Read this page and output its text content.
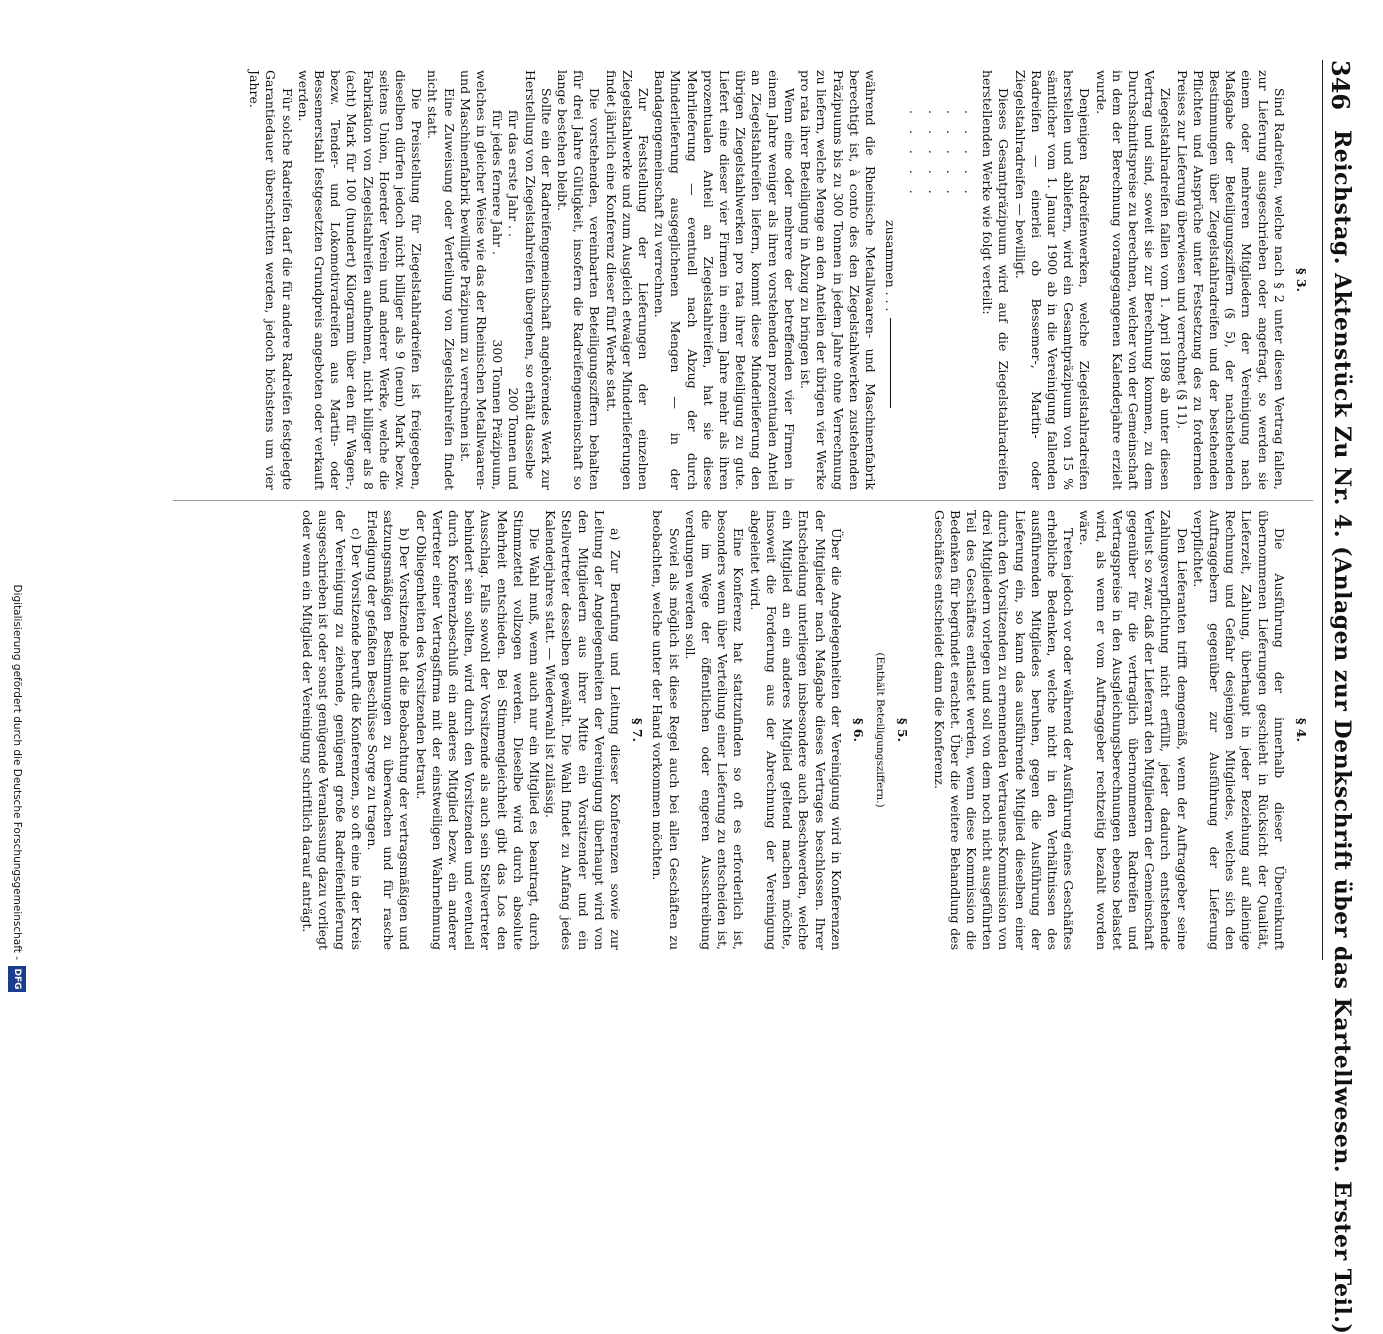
346
Reichstag. Aktenstück Zu Nr. 4. (Anlagen zur Denkschrift über das Kartellwesen. Erster Teil.)
§ 3.

Sind Radreifen, welche nach § 2 unter diesen Vertrag fallen, zur Lieferung ausgeschrieben oder angefragt, so werden sie einem oder mehreren Mitgliedern der Vereinigung nach Maßgabe der Beteiligungsziffern (§ 5), der nachstehenden Bestimmungen über Ziegelstahlradreifen und der bestehenden Pflichten und Ansprüche unter Festsetzung des zu fordernden Preises zur Lieferung überwiesen und verrechnet (§ 11).

Ziegelstahlradreifen fallen vom 1. April 1898 ab unter diesen Vertrag und sind, soweit sie zur Berechnung kommen, zu dem Durchschnittspreise zu berechnen, welcher von der Gemeinschaft in dem der Berechnung vorangegangenen Kalenderjahre erzielt wurde.

Denjenigen Radreifenwerken, welche Ziegelstahlradreifen herstellen und abliefern, wird ein Gesamtpräzipuum von 15 % sämtlicher vom 1. Januar 1900 ab in die Vereinigung fallenden Radreifen — einerlei ob Bessemer-, Martin- oder Ziegelstahlradreifen — bewilligt.

Dieses Gesamtpräzipuum wird auf die Ziegelstahlradreifen herstellenden Werke wie folgt verteilt:

. . . . .
. . . . .
. . . . .
. . . . .
zusammen . . .

während die Rheinische Metallwaaren- und Maschinenfabrik berechtigt ist, à conto des den Ziegelstahlwerken zustehenden Präzipuums bis zu 300 Tonnen in jedem Jahre ohne Verrechnung zu liefern, welche Menge an den Anteilen der übrigen vier Werke pro rata ihrer Beteiligung in Abzug zu bringen ist.

Wenn eine oder mehrere der betreffenden vier Firmen in einem Jahre weniger als ihren vorstehenden prozentualen Anteil an Ziegelstahlreifen liefern, kommt diese Minderlieferung den übrigen Ziegelstahlwerken pro rata ihrer Beteiligung zu gute. Liefert eine dieser vier Firmen in einem Jahre mehr als ihren prozentualen Anteil an Ziegelstahlreifen, hat sie diese Mehrlieferung — eventuell nach Abzug der durch Minderlieferung ausgeglichenen Mengen — in der Bandagengemeinschaft zu verrechnen.

Zur Feststellung der Lieferungen der einzelnen Ziegelstahlwerke und zum Ausgleich etwaiger Minderlieferungen findet jährlich eine Konferenz dieser fünf Werke statt.

Die vorstehenden, vereinbarten Beteiligungsziffern behalten für drei Jahre Gültigkeit, insofern die Radreifengemeinschaft so lange bestehen bleibt.

Sollte ein der Radreifengemeinschaft angehörendes Werk zur Herstellung von Ziegelstahlreifen übergehen, so erhält dasselbe

für das erste Jahr . .
200 Tonnen und
für jedes fernere Jahr .
300 Tonnen Präzipuum,

welches in gleicher Weise wie das der Rheinischen Metallwaaren- und Maschinenfabrik bewilligte Präzipuum zu verrechnen ist.

Eine Zuweisung oder Verteilung von Ziegelstahlreifen findet nicht statt.

Die Preisstellung für Ziegelstahlradreifen ist freigegeben, dieselben dürfen jedoch nicht billiger als 9 (neun) Mark bezw. seitens Union, Hoerder Verein und anderer Werke, welche die Fabrikation von Ziegelstahlreifen aufnehmen, nicht billiger als 8 (acht) Mark für 100 (hundert) Kilogramm über den für Wagen-, bezw. Tender- und Lokomotivradreifen aus Martin- oder Bessemerstahl festgesetzten Grundpreis angeboten oder verkauft werden.

Für solche Radreifen darf die für andere Radreifen festgelegte Garantiedauer überschritten werden, jedoch höchstens um vier Jahre.

§ 4.

Die Ausführung der innerhalb dieser Übereinkunft übernommenen Lieferungen geschieht in Rücksicht der Qualität, Lieferzeit, Zahlung, überhaupt in jeder Beziehung auf alleinige Rechnung und Gefahr desjenigen Mitgliedes, welches sich den Auftraggebern gegenüber zur Ausführung der Lieferung verpflichtet.

Den Lieferanten trifft demgemäß, wenn der Auftraggeber seine Zahlungsverpflichtung nicht erfüllt, jeder dadurch entstehende Verlust so zwar, daß der Lieferant den Mitgliedern der Gemeinschaft gegenüber für die vertraglich übernommenen Radreifen und Vertragspreise in den Ausgleichungsberechnungen ebenso belastet wird, als wenn er vom Auftraggeber rechtzeitig bezahlt worden wäre.

Treten jedoch vor oder während der Ausführung eines Geschäftes erhebliche Bedenken, welche nicht in den Verhältnissen des ausführenden Mitgliedes beruhen, gegen die Ausführung der Lieferung ein, so kann das ausführende Mitglied dieselben einer durch den Vorsitzenden zu ernennenden Vertrauens-Kommission von drei Mitgliedern vorlegen und soll von dem noch nicht ausgeführten Teil des Geschäftes entlastet werden, wenn diese Kommission die Bedenken für begründet erachtet. Über die weitere Behandlung des Geschäftes entscheidet dann die Konferenz.

§ 5.
(Enthält Beteiligungsziffern.)
§ 6.

Über die Angelegenheiten der Vereinigung wird in Konferenzen der Mitglieder nach Maßgabe dieses Vertrages beschlossen. Ihrer Entscheidung unterliegen insbesondere auch Beschwerden, welche ein Mitglied an ein anderes Mitglied geltend machen möchte, insoweit die Forderung aus der Abrechnung der Vereinigung abgeleitet wird.

Eine Konferenz hat stattzufinden so oft es erforderlich ist, besonders wenn über Verteilung einer Lieferung zu entscheiden ist, die im Wege der öffentlichen oder engeren Ausschreibung verdungen werden soll.

Soviel als möglich ist diese Regel auch bei allen Geschäften zu beobachten, welche unter der Hand vorkommen möchten.

§ 7.

a) Zur Berufung und Leitung dieser Konferenzen sowie zur Leitung der Angelegenheiten der Vereinigung überhaupt wird von den Mitgliedern aus ihrer Mitte ein Vorsitzender und ein Stellvertreter desselben gewählt. Die Wahl findet zu Anfang jedes Kalenderjahres statt. — Wiederwahl ist zulässig.

Die Wahl muß, wenn auch nur ein Mitglied es beantragt, durch Stimmzettel vollzogen werden. Dieselbe wird durch absolute Mehrheit entschieden. Bei Stimmengleichheit gibt das Los den Ausschlag. Falls sowohl der Vorsitzende als auch sein Stellvertreter behindert sein sollten, wird durch den Vorsitzenden und eventuell durch Konferenzbeschluß ein anderes Mitglied bezw. ein anderer Vertreter einer Vertragsfirma mit der einstweiligen Wahrnehmung der Obliegenheiten des Vorsitzenden betraut.

b) Der Vorsitzende hat die Beobachtung der vertragsmäßigen und satzungsmäßigen Bestimmungen zu überwachen und für rasche Erledigung der gefaßten Beschlüsse Sorge zu tragen.

c) Der Vorsitzende beruft die Konferenzen, so oft eine in der Kreis der Vereinigung zu ziehende, genügend große Radreifenlieferung ausgeschrieben ist oder sonst genügende Veranlassung dazu vorliegt oder wenn ein Mitglied der Vereinigung schriftlich darauf anträgt.

Digitalisierung gefördert durch die Deutsche Forschungsgemeinschaft -
DFG
